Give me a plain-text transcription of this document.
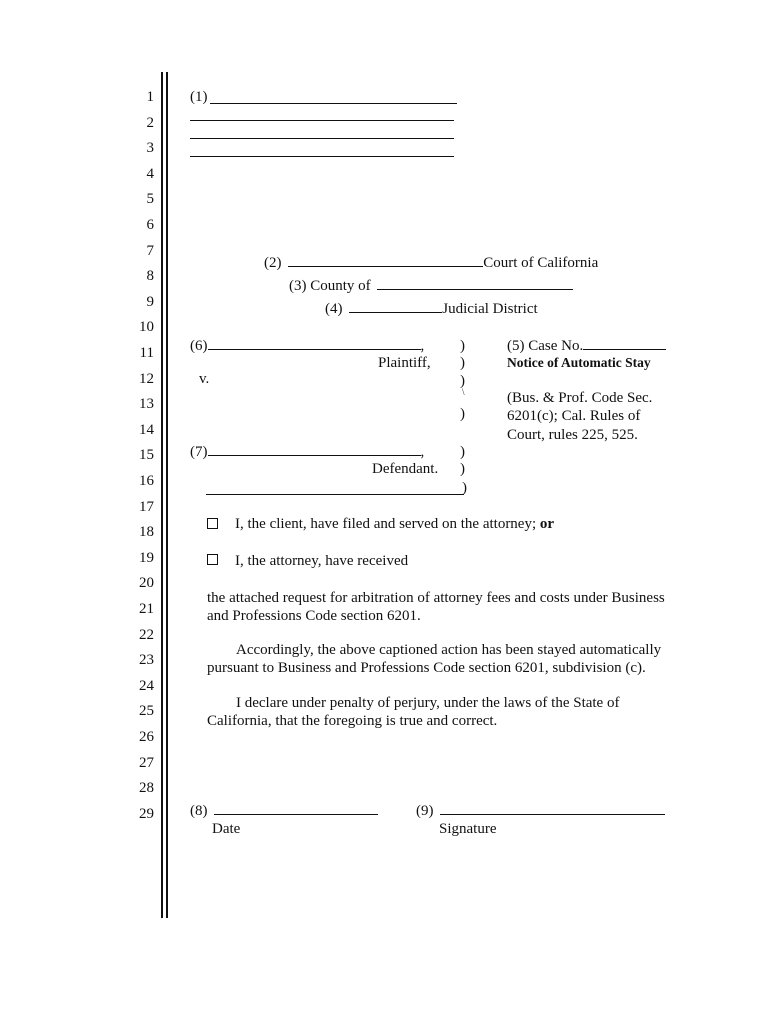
1
2
3
4
5
6
7
8
9
10
11
12
13
14
15
16
17
18
19
20
21
22
23
24
25
26
27
28
29
(1)
(2)	Court of California
(3) County of
(4)	Judicial District
(6)	,
Plaintiff,
v.
(7)	,
Defendant.
)
)
)
\
)
)
)
)
(5) Case No.
Notice of Automatic Stay
(Bus. & Prof. Code Sec.
6201(c); Cal. Rules of
Court, rules 225, 525.
I, the client, have filed and served on the attorney; or
I, the attorney, have received
the attached request for arbitration of attorney fees and costs under Business and Professions Code section 6201.
Accordingly, the above captioned action has been stayed automatically
pursuant to Business and Professions Code section 6201, subdivision (c).
I declare under penalty of perjury, under the laws of the State of
California, that the foregoing is true and correct.
(8)
Date
(9)
Signature
